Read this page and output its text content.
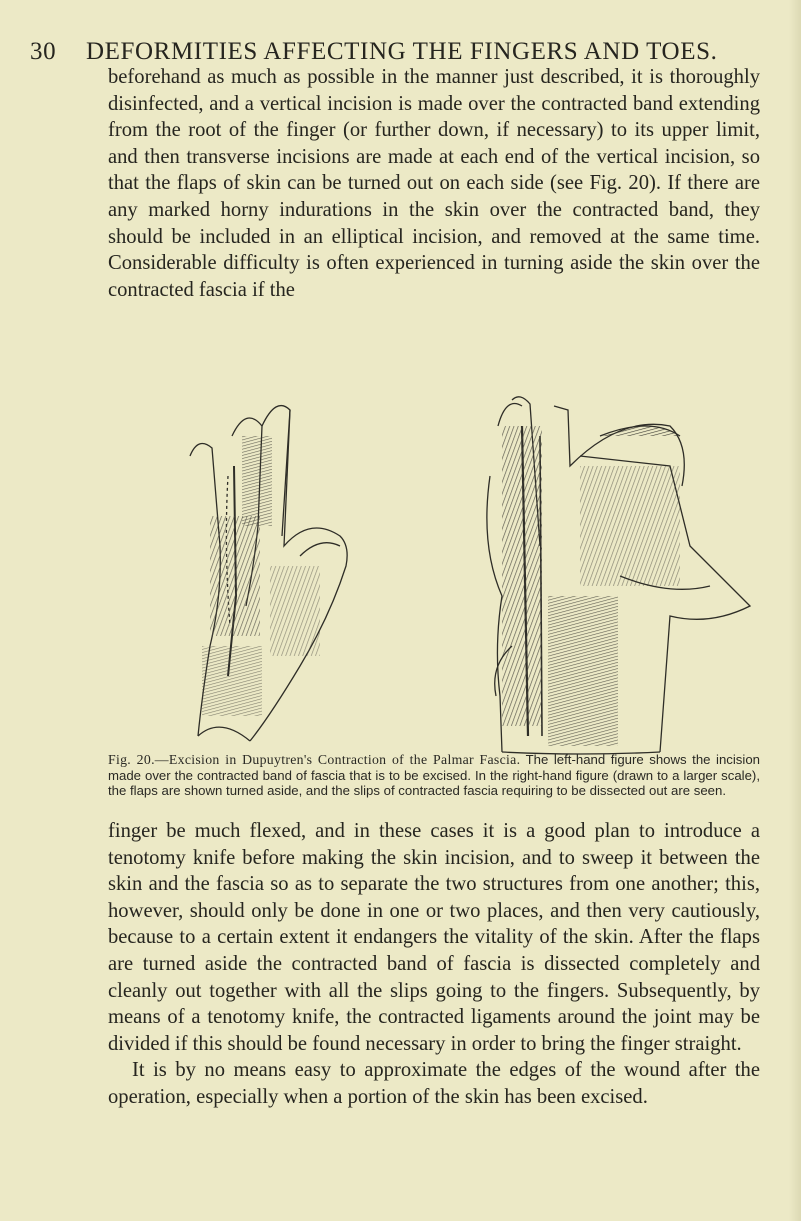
30 DEFORMITIES AFFECTING THE FINGERS AND TOES.

beforehand as much as possible in the manner just described, it is thoroughly disinfected, and a vertical incision is made over the contracted band extending from the root of the finger (or further down, if necessary) to its upper limit, and then transverse incisions are made at each end of the vertical incision, so that the flaps of skin can be turned out on each side (see Fig. 20). If there are any marked horny indurations in the skin over the contracted band, they should be included in an elliptical incision, and removed at the same time. Considerable difficulty is often experienced in turning aside the skin over the contracted fascia if the

Fig. 20.—Excision in Dupuytren's Contraction of the Palmar Fascia. The left-hand figure shows the incision made over the contracted band of fascia that is to be excised. In the right-hand figure (drawn to a larger scale), the flaps are shown turned aside, and the slips of contracted fascia requiring to be dissected out are seen.

finger be much flexed, and in these cases it is a good plan to introduce a tenotomy knife before making the skin incision, and to sweep it between the skin and the fascia so as to separate the two structures from one another; this, however, should only be done in one or two places, and then very cautiously, because to a certain extent it endangers the vitality of the skin. After the flaps are turned aside the contracted band of fascia is dissected completely and cleanly out together with all the slips going to the fingers. Subsequently, by means of a tenotomy knife, the contracted ligaments around the joint may be divided if this should be found necessary in order to bring the finger straight.

It is by no means easy to approximate the edges of the wound after the operation, especially when a portion of the skin has been excised.
